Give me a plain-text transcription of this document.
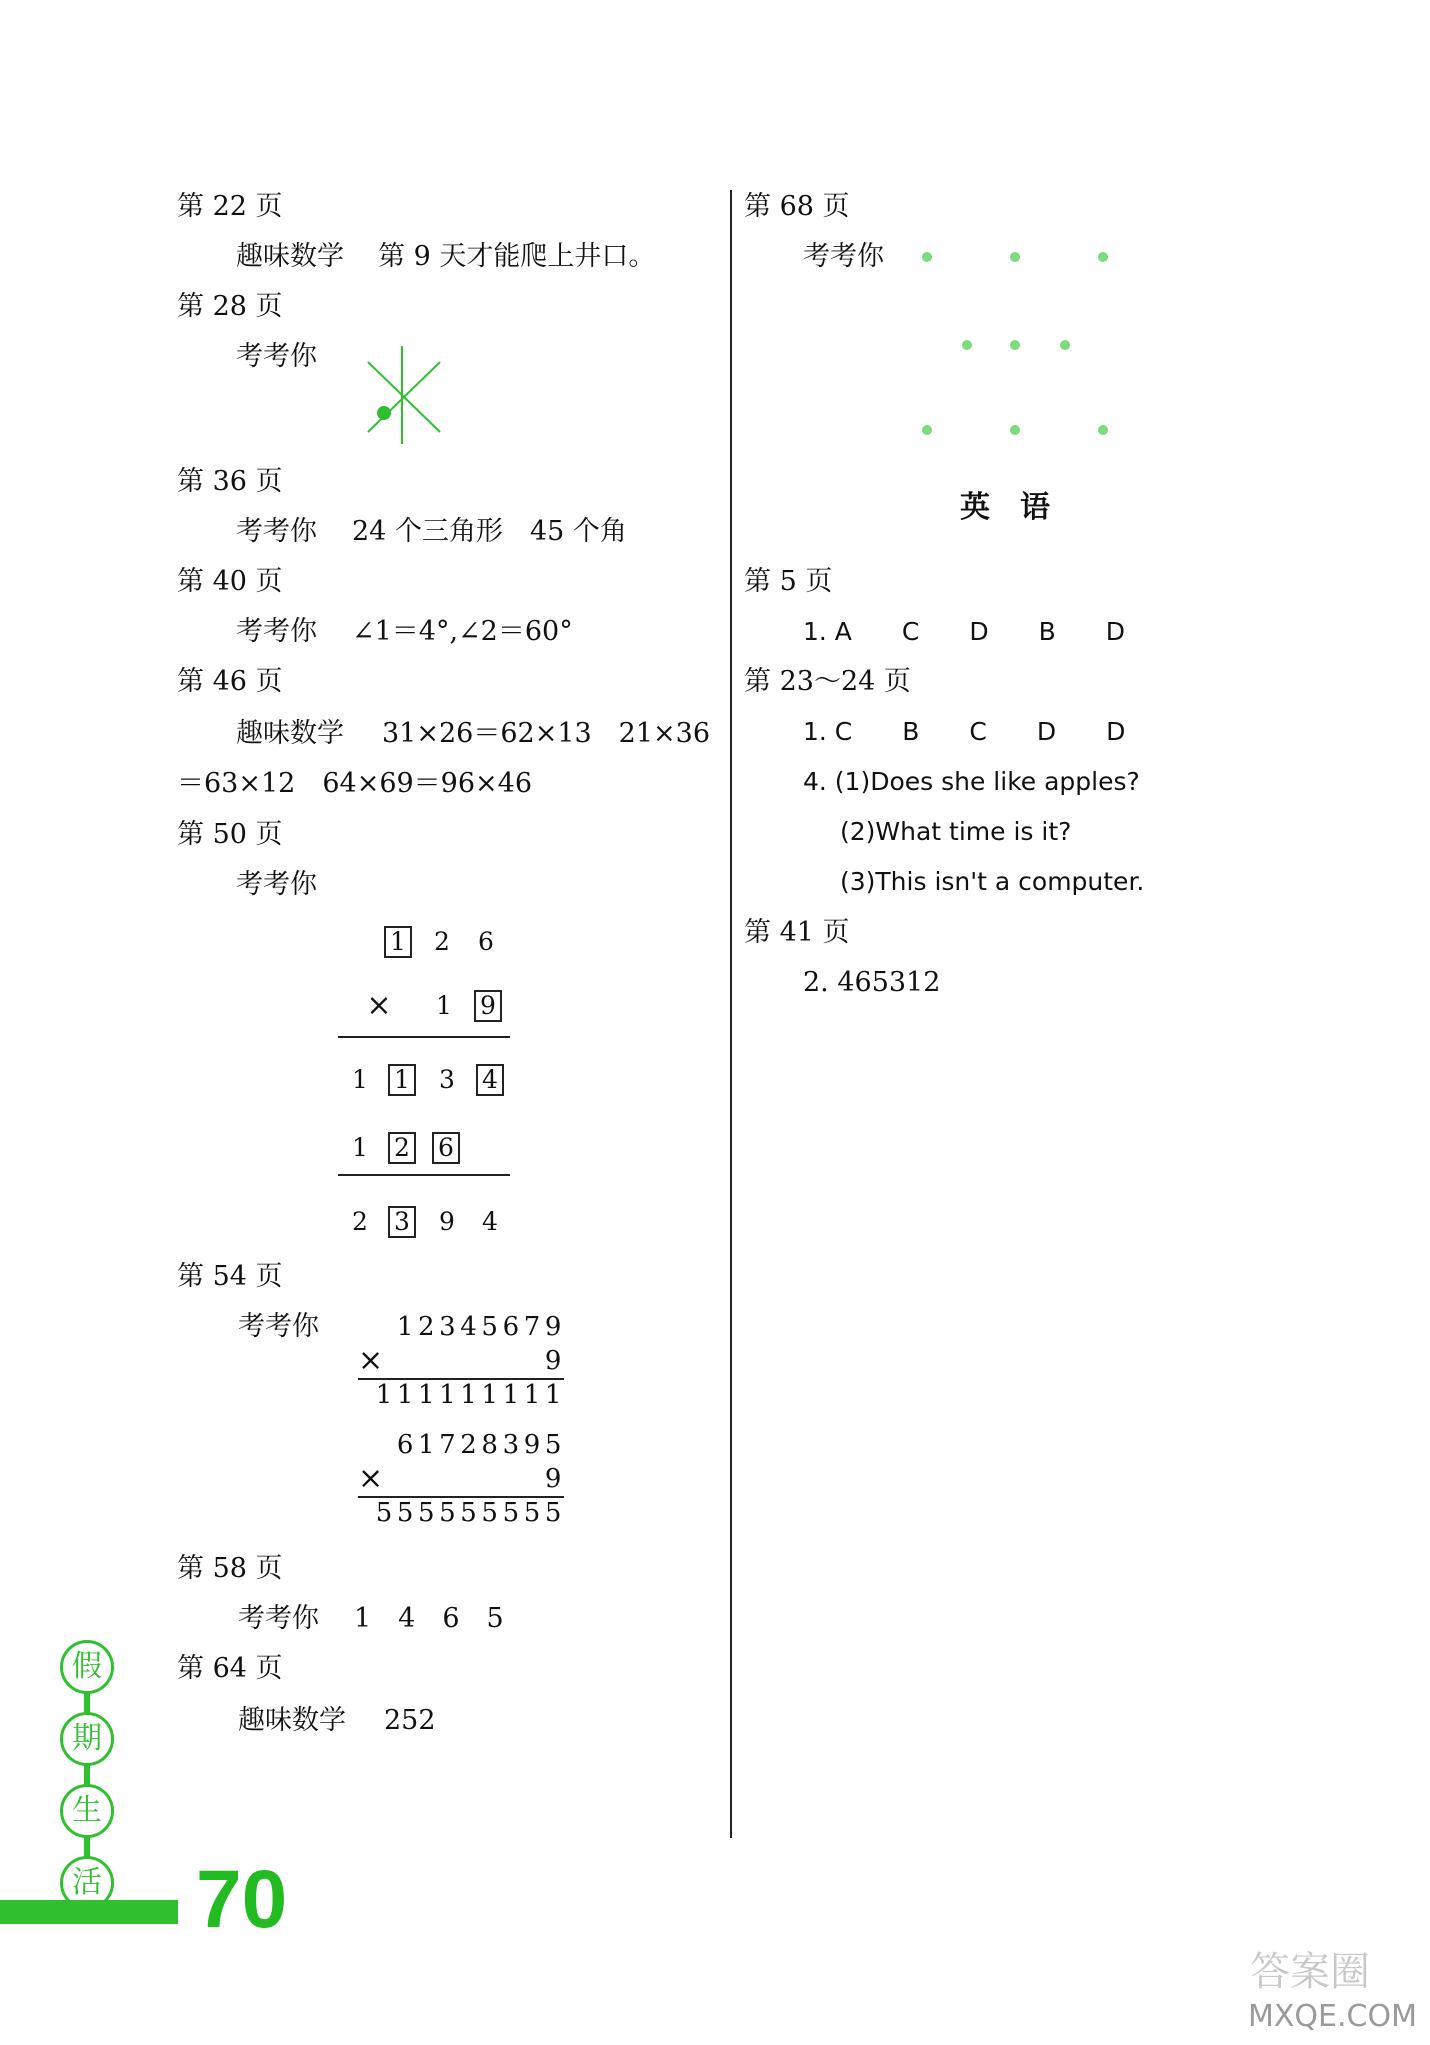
第 22 页
趣味数学 第 9 天才能爬上井口。
第 28 页
考考你
第 36 页
考考你 24 个三角形　45 个角
第 40 页
考考你 ∠1＝4°,∠2＝60°
第 46 页
趣味数学 31×26＝62×13　21×36
＝63×12　64×69＝96×46
第 50 页
考考你
1 2 6
× 1 9
1 1 3 4
1 2 6
2 3 9 4
第 54 页
考考你	12345679
×	9
111111111
61728395
×	9
555555555
第 58 页
考考你 1　4　6　5
第 64 页
趣味数学 252
第 68 页
考考你
英　语
第 5 页
1. A　　C　　D　　B　　D
第 23～24 页
1. C　　B　　C　　D　　D
4. (1)Does she like apples?
(2)What time is it?
(3)This isn't a computer.
第 41 页
2. 465312
假
期
生
活 70
答案圈
MXQE.COM
